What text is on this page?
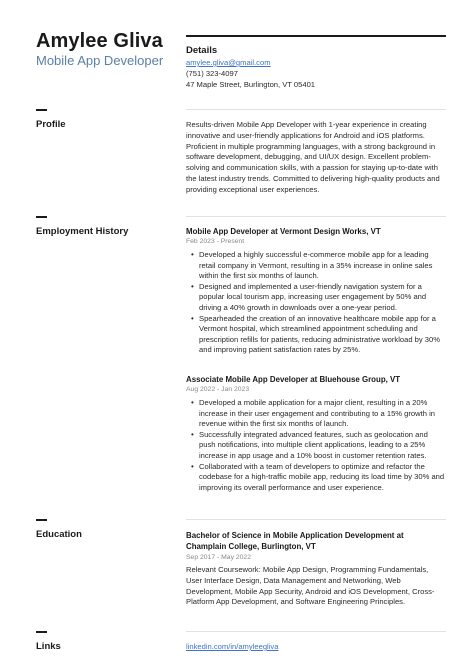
Amylee Gliva
Mobile App Developer
Details
amylee.gliva@gmail.com
(751) 323-4097
47 Maple Street, Burlington, VT 05401
Profile	Results-driven Mobile App Developer with 1-year experience in creating innovative and user-friendly applications for Android and iOS platforms. Proficient in multiple programming languages, with a strong background in software development, debugging, and UI/UX design. Excellent problem-solving and communication skills, with a passion for staying up-to-date with the latest industry trends. Committed to delivering high-quality products and providing exceptional user experiences.
Employment History	Mobile App Developer at Vermont Design Works, VT
Feb 2023 - Present
• Developed a highly successful e-commerce mobile app for a leading retail company in Vermont, resulting in a 35% increase in online sales within the first six months of launch.
• Designed and implemented a user-friendly navigation system for a popular local tourism app, increasing user engagement by 50% and driving a 40% growth in downloads over a one-year period.
• Spearheaded the creation of an innovative healthcare mobile app for a Vermont hospital, which streamlined appointment scheduling and prescription refills for patients, reducing administrative workload by 30% and improving patient satisfaction rates by 25%.
Associate Mobile App Developer at Bluehouse Group, VT
Aug 2022 - Jan 2023
• Developed a mobile application for a major client, resulting in a 20% increase in their user engagement and contributing to a 15% growth in revenue within the first six months of launch.
• Successfully integrated advanced features, such as geolocation and push notifications, into multiple client applications, leading to a 25% increase in app usage and a 10% boost in customer retention rates.
• Collaborated with a team of developers to optimize and refactor the codebase for a high-traffic mobile app, reducing its load time by 30% and improving its overall performance and user experience.
Education	Bachelor of Science in Mobile Application Development at Champlain College, Burlington, VT
Sep 2017 - May 2022
Relevant Coursework: Mobile App Design, Programming Fundamentals, User Interface Design, Data Management and Networking, Web Development, Mobile App Security, Android and iOS Development, Cross-Platform App Development, and Software Engineering Principles.
Links	linkedin.com/in/amyleegliva
